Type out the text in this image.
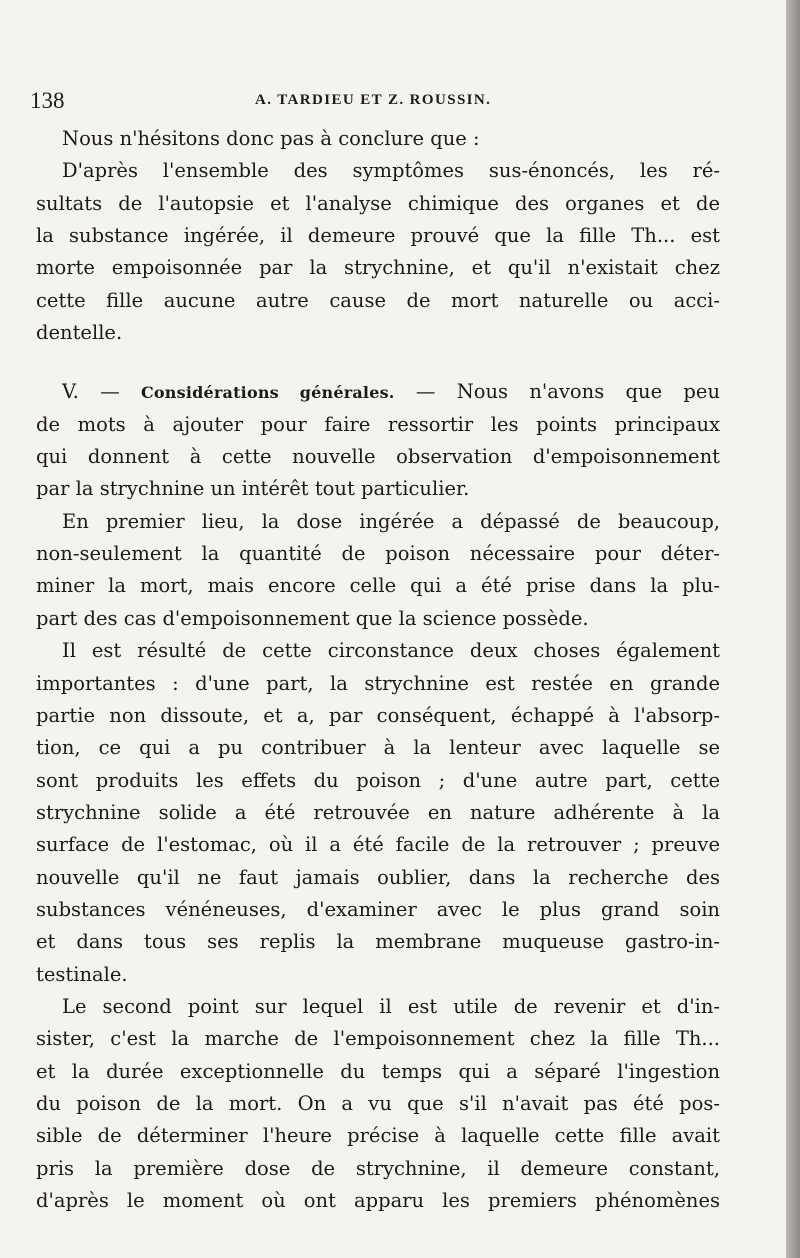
138	A. TARDIEU ET Z. ROUSSIN.
Nous n'hésitons donc pas à conclure que :
D'après l'ensemble des symptômes sus-énoncés, les ré-
sultats de l'autopsie et l'analyse chimique des organes et de
la substance ingérée, il demeure prouvé que la fille Th... est
morte empoisonnée par la strychnine, et qu'il n'existait chez
cette fille aucune autre cause de mort naturelle ou acci-
dentelle.
V. — Considérations générales. — Nous n'avons que peu
de mots à ajouter pour faire ressortir les points principaux
qui donnent à cette nouvelle observation d'empoisonnement
par la strychnine un intérêt tout particulier.
En premier lieu, la dose ingérée a dépassé de beaucoup,
non-seulement la quantité de poison nécessaire pour déter-
miner la mort, mais encore celle qui a été prise dans la plu-
part des cas d'empoisonnement que la science possède.
Il est résulté de cette circonstance deux choses également
importantes : d'une part, la strychnine est restée en grande
partie non dissoute, et a, par conséquent, échappé à l'absorp-
tion, ce qui a pu contribuer à la lenteur avec laquelle se
sont produits les effets du poison ; d'une autre part, cette
strychnine solide a été retrouvée en nature adhérente à la
surface de l'estomac, où il a été facile de la retrouver ; preuve
nouvelle qu'il ne faut jamais oublier, dans la recherche des
substances vénéneuses, d'examiner avec le plus grand soin
et dans tous ses replis la membrane muqueuse gastro-in-
testinale.
Le second point sur lequel il est utile de revenir et d'in-
sister, c'est la marche de l'empoisonnement chez la fille Th...
et la durée exceptionnelle du temps qui a séparé l'ingestion
du poison de la mort. On a vu que s'il n'avait pas été pos-
sible de déterminer l'heure précise à laquelle cette fille avait
pris la première dose de strychnine, il demeure constant,
d'après le moment où ont apparu les premiers phénomènes
